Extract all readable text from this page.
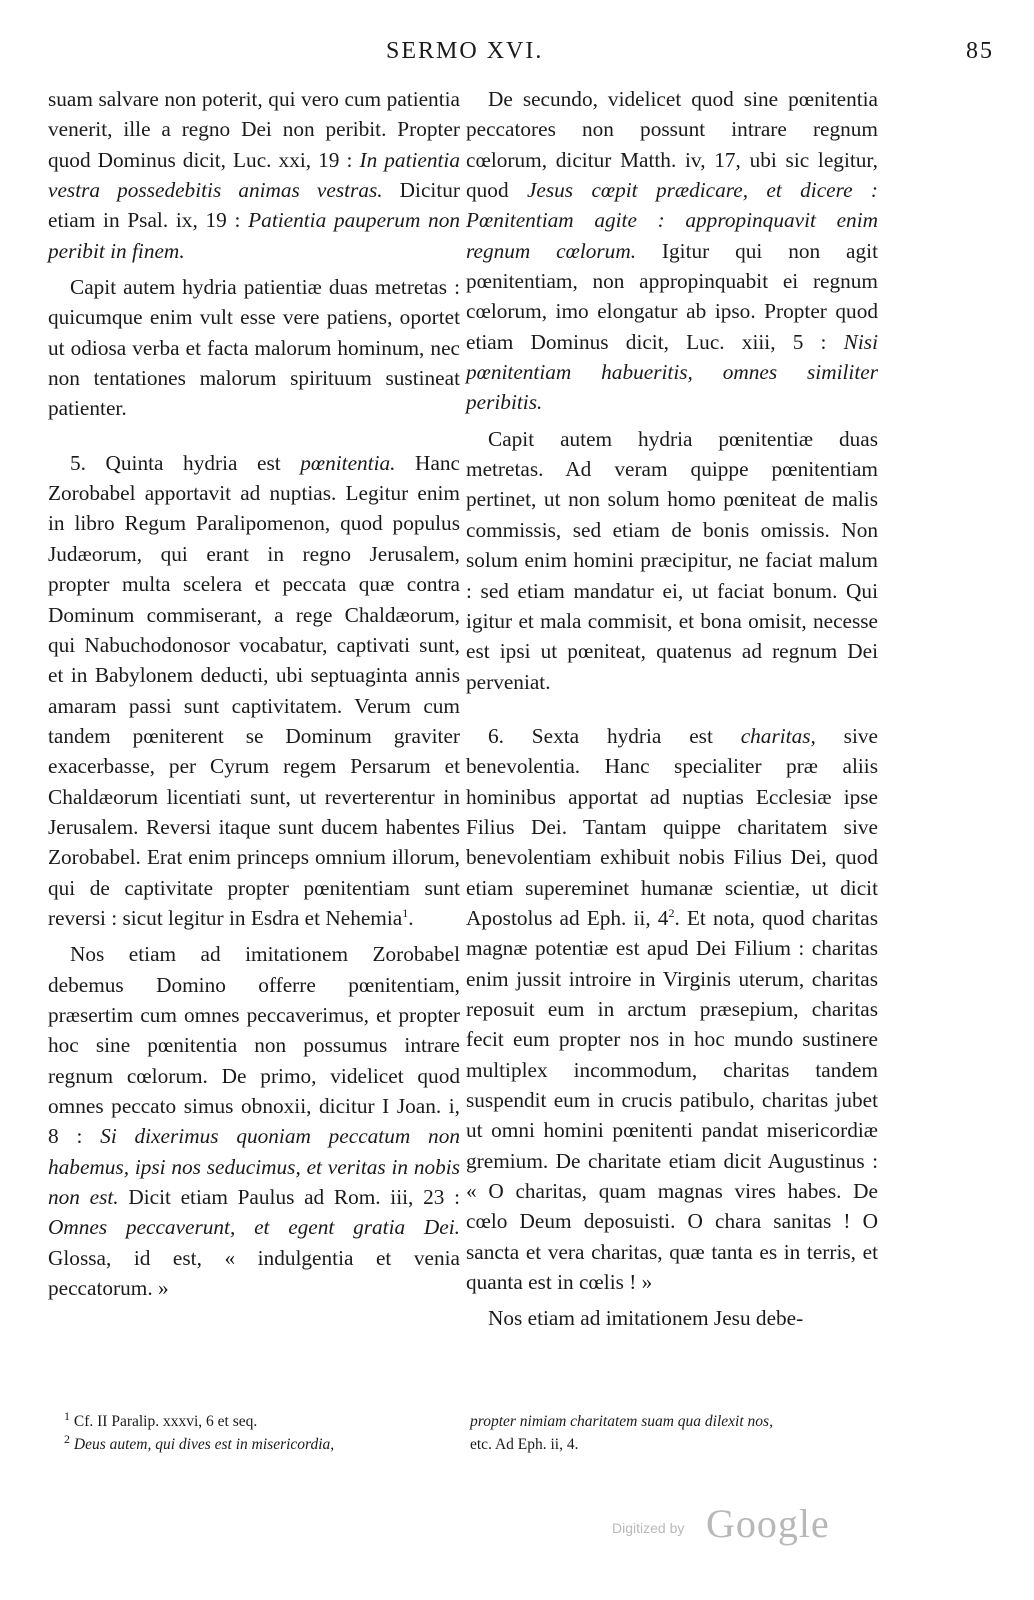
SERMO XVI.	85

suam salvare non poterit, qui vero cum patientia venerit, ille a regno Dei non peribit. Propter quod Dominus dicit, Luc. xxi, 19 : In patientia vestra possedebitis animas vestras. Dicitur etiam in Psal. ix, 19 : Patientia pauperum non peribit in finem.

Capit autem hydria patientiæ duas metretas : quicumque enim vult esse vere patiens, oportet ut odiosa verba et facta malorum hominum, nec non tentationes malorum spirituum sustineat patienter.

5. Quinta hydria est pœnitentia. Hanc Zorobabel apportavit ad nuptias. Legitur enim in libro Regum Paralipomenon, quod populus Judæorum, qui erant in regno Jerusalem, propter multa scelera et peccata quæ contra Dominum commiserant, a rege Chaldæorum, qui Nabuchodonosor vocabatur, captivati sunt, et in Babylonem deducti, ubi septuaginta annis amaram passi sunt captivitatem. Verum cum tandem pœniterent se Dominum graviter exacerbasse, per Cyrum regem Persarum et Chaldæorum licentiati sunt, ut reverterentur in Jerusalem. Reversi itaque sunt ducem habentes Zorobabel. Erat enim princeps omnium illorum, qui de captivitate propter pœnitentiam sunt reversi : sicut legitur in Esdra et Nehemia$^1$.

Nos etiam ad imitationem Zorobabel debemus Domino offerre pœnitentiam, præsertim cum omnes peccaverimus, et propter hoc sine pœnitentia non possumus intrare regnum cœlorum. De primo, videlicet quod omnes peccato simus obnoxii, dicitur I Joan. i, 8 : Si dixerimus quoniam peccatum non habemus, ipsi nos seducimus, et veritas in nobis non est. Dicit etiam Paulus ad Rom. iii, 23 : Omnes peccaverunt, et egent gratia Dei. Glossa, id est, « indulgentia et venia peccatorum. »

De secundo, videlicet quod sine pœnitentia peccatores non possunt intrare regnum cœlorum, dicitur Matth. iv, 17, ubi sic legitur, quod Jesus cœpit prædicare, et dicere : Pœnitentiam agite : appropinquavit enim regnum cœlorum. Igitur qui non agit pœnitentiam, non appropinquabit ei regnum cœlorum, imo elongatur ab ipso. Propter quod etiam Dominus dicit, Luc. xiii, 5 : Nisi pœnitentiam habueritis, omnes similiter peribitis.

Capit autem hydria pœnitentiæ duas metretas. Ad veram quippe pœnitentiam pertinet, ut non solum homo pœniteat de malis commissis, sed etiam de bonis omissis. Non solum enim homini præcipitur, ne faciat malum : sed etiam mandatur ei, ut faciat bonum. Qui igitur et mala commisit, et bona omisit, necesse est ipsi ut pœniteat, quatenus ad regnum Dei perveniat.

6. Sexta hydria est charitas, sive benevolentia. Hanc specialiter præ aliis hominibus apportat ad nuptias Ecclesiæ ipse Filius Dei. Tantam quippe charitatem sive benevolentiam exhibuit nobis Filius Dei, quod etiam supereminet humanæ scientiæ, ut dicit Apostolus ad Eph. ii, $4^2$. Et nota, quod charitas magnæ potentiæ est apud Dei Filium : charitas enim jussit introire in Virginis uterum, charitas reposuit eum in arctum præsepium, charitas fecit eum propter nos in hoc mundo sustinere multiplex incommodum, charitas tandem suspendit eum in crucis patibulo, charitas jubet ut omni homini pœnitenti pandat misericordiæ gremium. De charitate etiam dicit Augustinus : « O charitas, quam magnas vires habes. De cœlo Deum deposuisti. O chara sanitas ! O sancta et vera charitas, quæ tanta es in terris, et quanta est in cœlis ! »

Nos etiam ad imitationem Jesu debe-

$^1$ Cf. II Paralip. xxxvi, 6 et seq.
$^2$ Deus autem, qui dives est in misericordia,
propter nimiam charitatem suam qua dilexit nos,
etc. Ad Eph. ii, 4.
Digitized by Google
